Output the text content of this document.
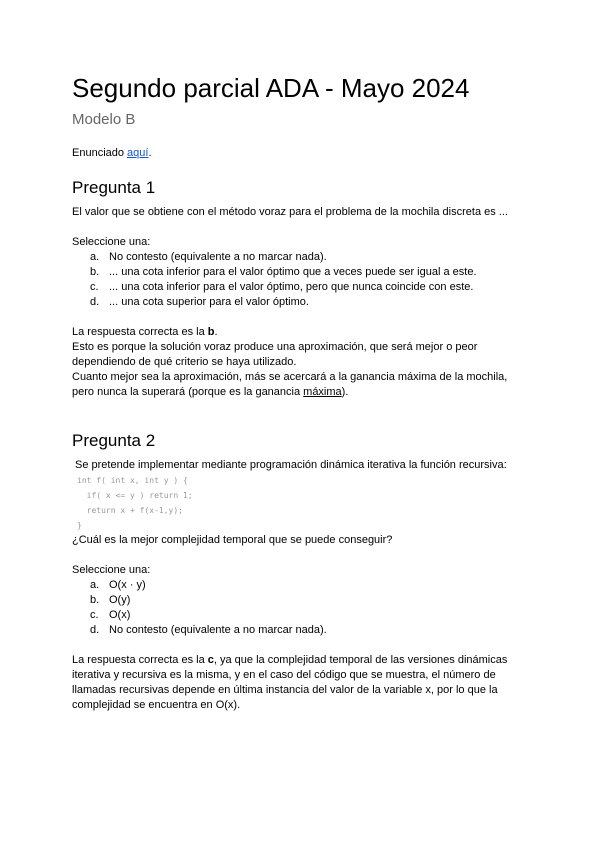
Segundo parcial ADA - Mayo 2024
Modelo B

Enunciado aquí.

Pregunta 1

El valor que se obtiene con el método voraz para el problema de la mochila discreta es ...

Seleccione una:

a. No contesto (equivalente a no marcar nada).
b. ... una cota inferior para el valor óptimo que a veces puede ser igual a este.
c. ... una cota inferior para el valor óptimo, pero que nunca coincide con este.
d. ... una cota superior para el valor óptimo.

La respuesta correcta es la b.

Esto es porque la solución voraz produce una aproximación, que será mejor o peor dependiendo de qué criterio se haya utilizado.

Cuanto mejor sea la aproximación, más se acercará a la ganancia máxima de la mochila, pero nunca la superará (porque es la ganancia máxima).

Pregunta 2

Se pretende implementar mediante programación dinámica iterativa la función recursiva:

int f( int x, int y ) {
if( x <= y ) return 1;
return x + f(x-1,y);
}

¿Cuál es la mejor complejidad temporal que se puede conseguir?

Seleccione una:

a. O(x · y)
b. O(y)
c. O(x)
d. No contesto (equivalente a no marcar nada).

La respuesta correcta es la c, ya que la complejidad temporal de las versiones dinámicas iterativa y recursiva es la misma, y en el caso del código que se muestra, el número de llamadas recursivas depende en última instancia del valor de la variable x, por lo que la complejidad se encuentra en O(x).
